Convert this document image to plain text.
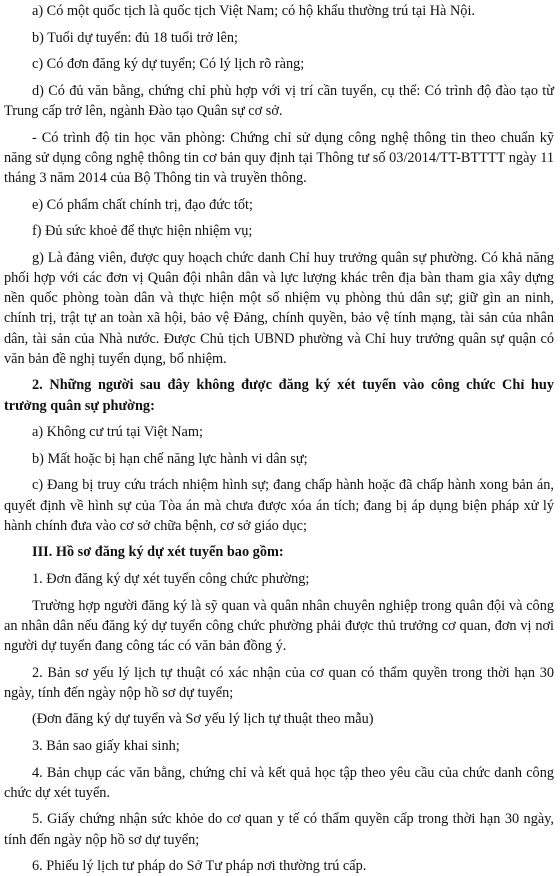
a) Có một quốc tịch là quốc tịch Việt Nam; có hộ khẩu thường trú tại Hà Nội.

b) Tuổi dự tuyển: đủ 18 tuổi trở lên;

c) Có đơn đăng ký dự tuyển; Có lý lịch rõ ràng;

d) Có đủ văn bằng, chứng chỉ phù hợp với vị trí cần tuyển, cụ thể: Có trình độ đào tạo từ Trung cấp trở lên, ngành Đào tạo Quân sự cơ sở.

- Có trình độ tin học văn phòng: Chứng chỉ sử dụng công nghệ thông tin theo chuẩn kỹ năng sử dụng công nghệ thông tin cơ bản quy định tại Thông tư số 03/2014/TT-BTTTT ngày 11 tháng 3 năm 2014 của Bộ Thông tin và truyền thông.

e) Có phẩm chất chính trị, đạo đức tốt;

f) Đủ sức khoẻ để thực hiện nhiệm vụ;

g) Là đảng viên, được quy hoạch chức danh Chỉ huy trưởng quân sự phường. Có khả năng phối hợp với các đơn vị Quân đội nhân dân và lực lượng khác trên địa bàn tham gia xây dựng nền quốc phòng toàn dân và thực hiện một số nhiệm vụ phòng thủ dân sự; giữ gìn an ninh, chính trị, trật tự an toàn xã hội, bảo vệ Đảng, chính quyền, bảo vệ tính mạng, tài sản của nhân dân, tài sản của Nhà nước. Được Chủ tịch UBND phường và Chỉ huy trưởng quân sự quận có văn bản đề nghị tuyển dụng, bổ nhiệm.

2. Những người sau đây không được đăng ký xét tuyển vào công chức Chỉ huy trưởng quân sự phường:

a) Không cư trú tại Việt Nam;

b) Mất hoặc bị hạn chế năng lực hành vi dân sự;

c) Đang bị truy cứu trách nhiệm hình sự; đang chấp hành hoặc đã chấp hành xong bản án, quyết định về hình sự của Tòa án mà chưa được xóa án tích; đang bị áp dụng biện pháp xử lý hành chính đưa vào cơ sở chữa bệnh, cơ sở giáo dục;

III. Hồ sơ đăng ký dự xét tuyển bao gồm:

1. Đơn đăng ký dự xét tuyển công chức phường;

Trường hợp người đăng ký là sỹ quan và quân nhân chuyên nghiệp trong quân đội và công an nhân dân nếu đăng ký dự tuyển công chức phường phải được thủ trưởng cơ quan, đơn vị nơi người dự tuyển đang công tác có văn bản đồng ý.

2. Bản sơ yếu lý lịch tự thuật có xác nhận của cơ quan có thẩm quyền trong thời hạn 30 ngày, tính đến ngày nộp hồ sơ dự tuyển;

(Đơn đăng ký dự tuyển và Sơ yếu lý lịch tự thuật theo mẫu)

3. Bản sao giấy khai sinh;

4. Bản chụp các văn bằng, chứng chỉ và kết quả học tập theo yêu cầu của chức danh công chức dự xét tuyển.

5. Giấy chứng nhận sức khỏe do cơ quan y tế có thẩm quyền cấp trong thời hạn 30 ngày, tính đến ngày nộp hồ sơ dự tuyển;

6. Phiếu lý lịch tư pháp do Sở Tư pháp nơi thường trú cấp.
